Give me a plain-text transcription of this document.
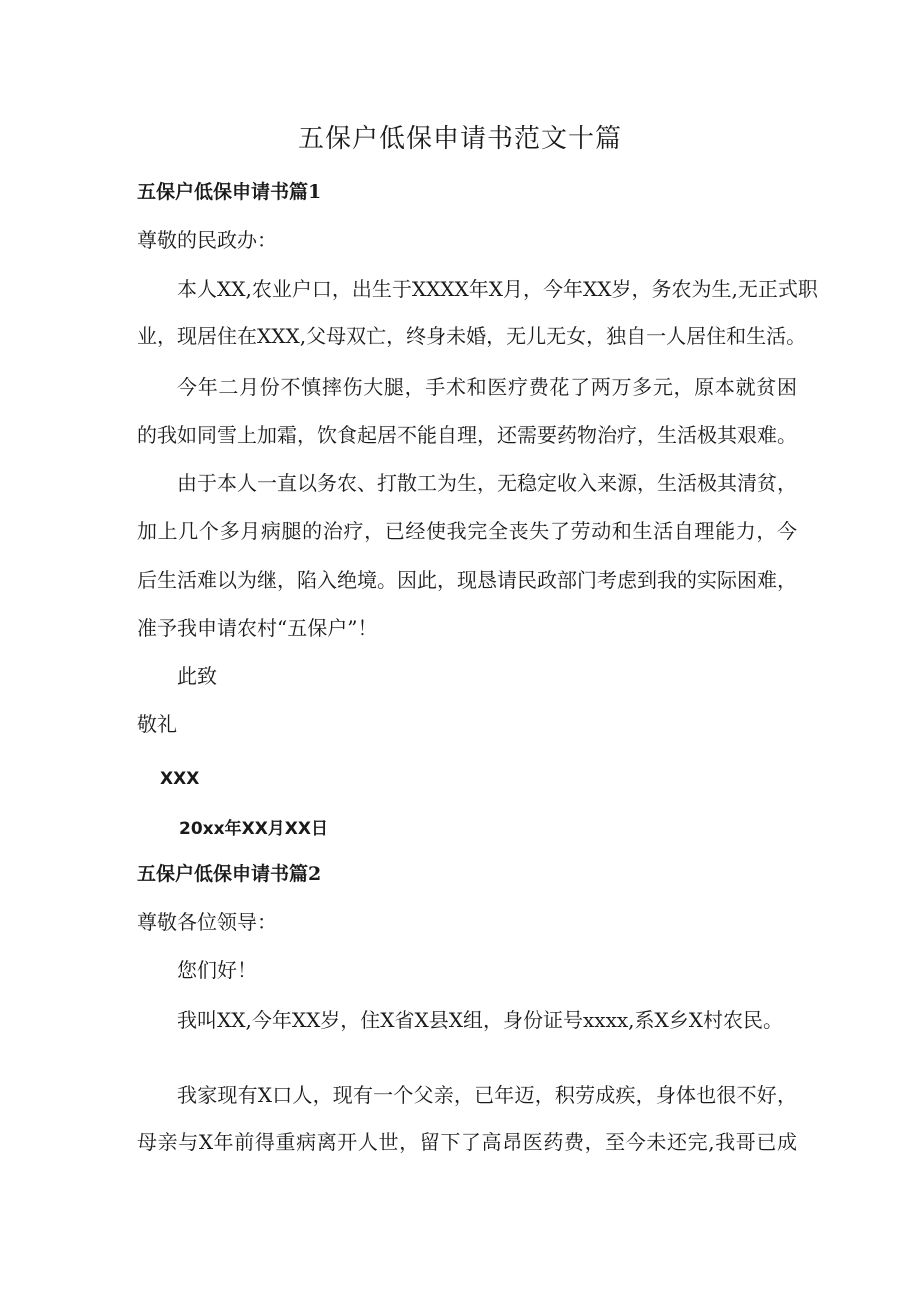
五保户低保申请书范文十篇
五保户低保申请书篇1
尊敬的民政办：
本人XX,农业户口，出生于XXXX年X月，今年XX岁，务农为生,无正式职
业，现居住在XXX,父母双亡，终身未婚，无儿无女，独自一人居住和生活。
今年二月份不慎摔伤大腿，手术和医疗费花了两万多元，原本就贫困
的我如同雪上加霜，饮食起居不能自理，还需要药物治疗，生活极其艰难。
由于本人一直以务农、打散工为生，无稳定收入来源，生活极其清贫，
加上几个多月病腿的治疗，已经使我完全丧失了劳动和生活自理能力，今
后生活难以为继，陷入绝境。因此，现恳请民政部门考虑到我的实际困难，
准予我申请农村“五保户”！
此致
敬礼
XXX
20xx年XX月XX日
五保户低保申请书篇2
尊敬各位领导：
您们好！
我叫XX,今年XX岁，住X省X县X组，身份证号xxxx,系X乡X村农民。
我家现有X口人，现有一个父亲，已年迈，积劳成疾，身体也很不好，
母亲与X年前得重病离开人世，留下了高昂医药费，至今未还完,我哥已成
